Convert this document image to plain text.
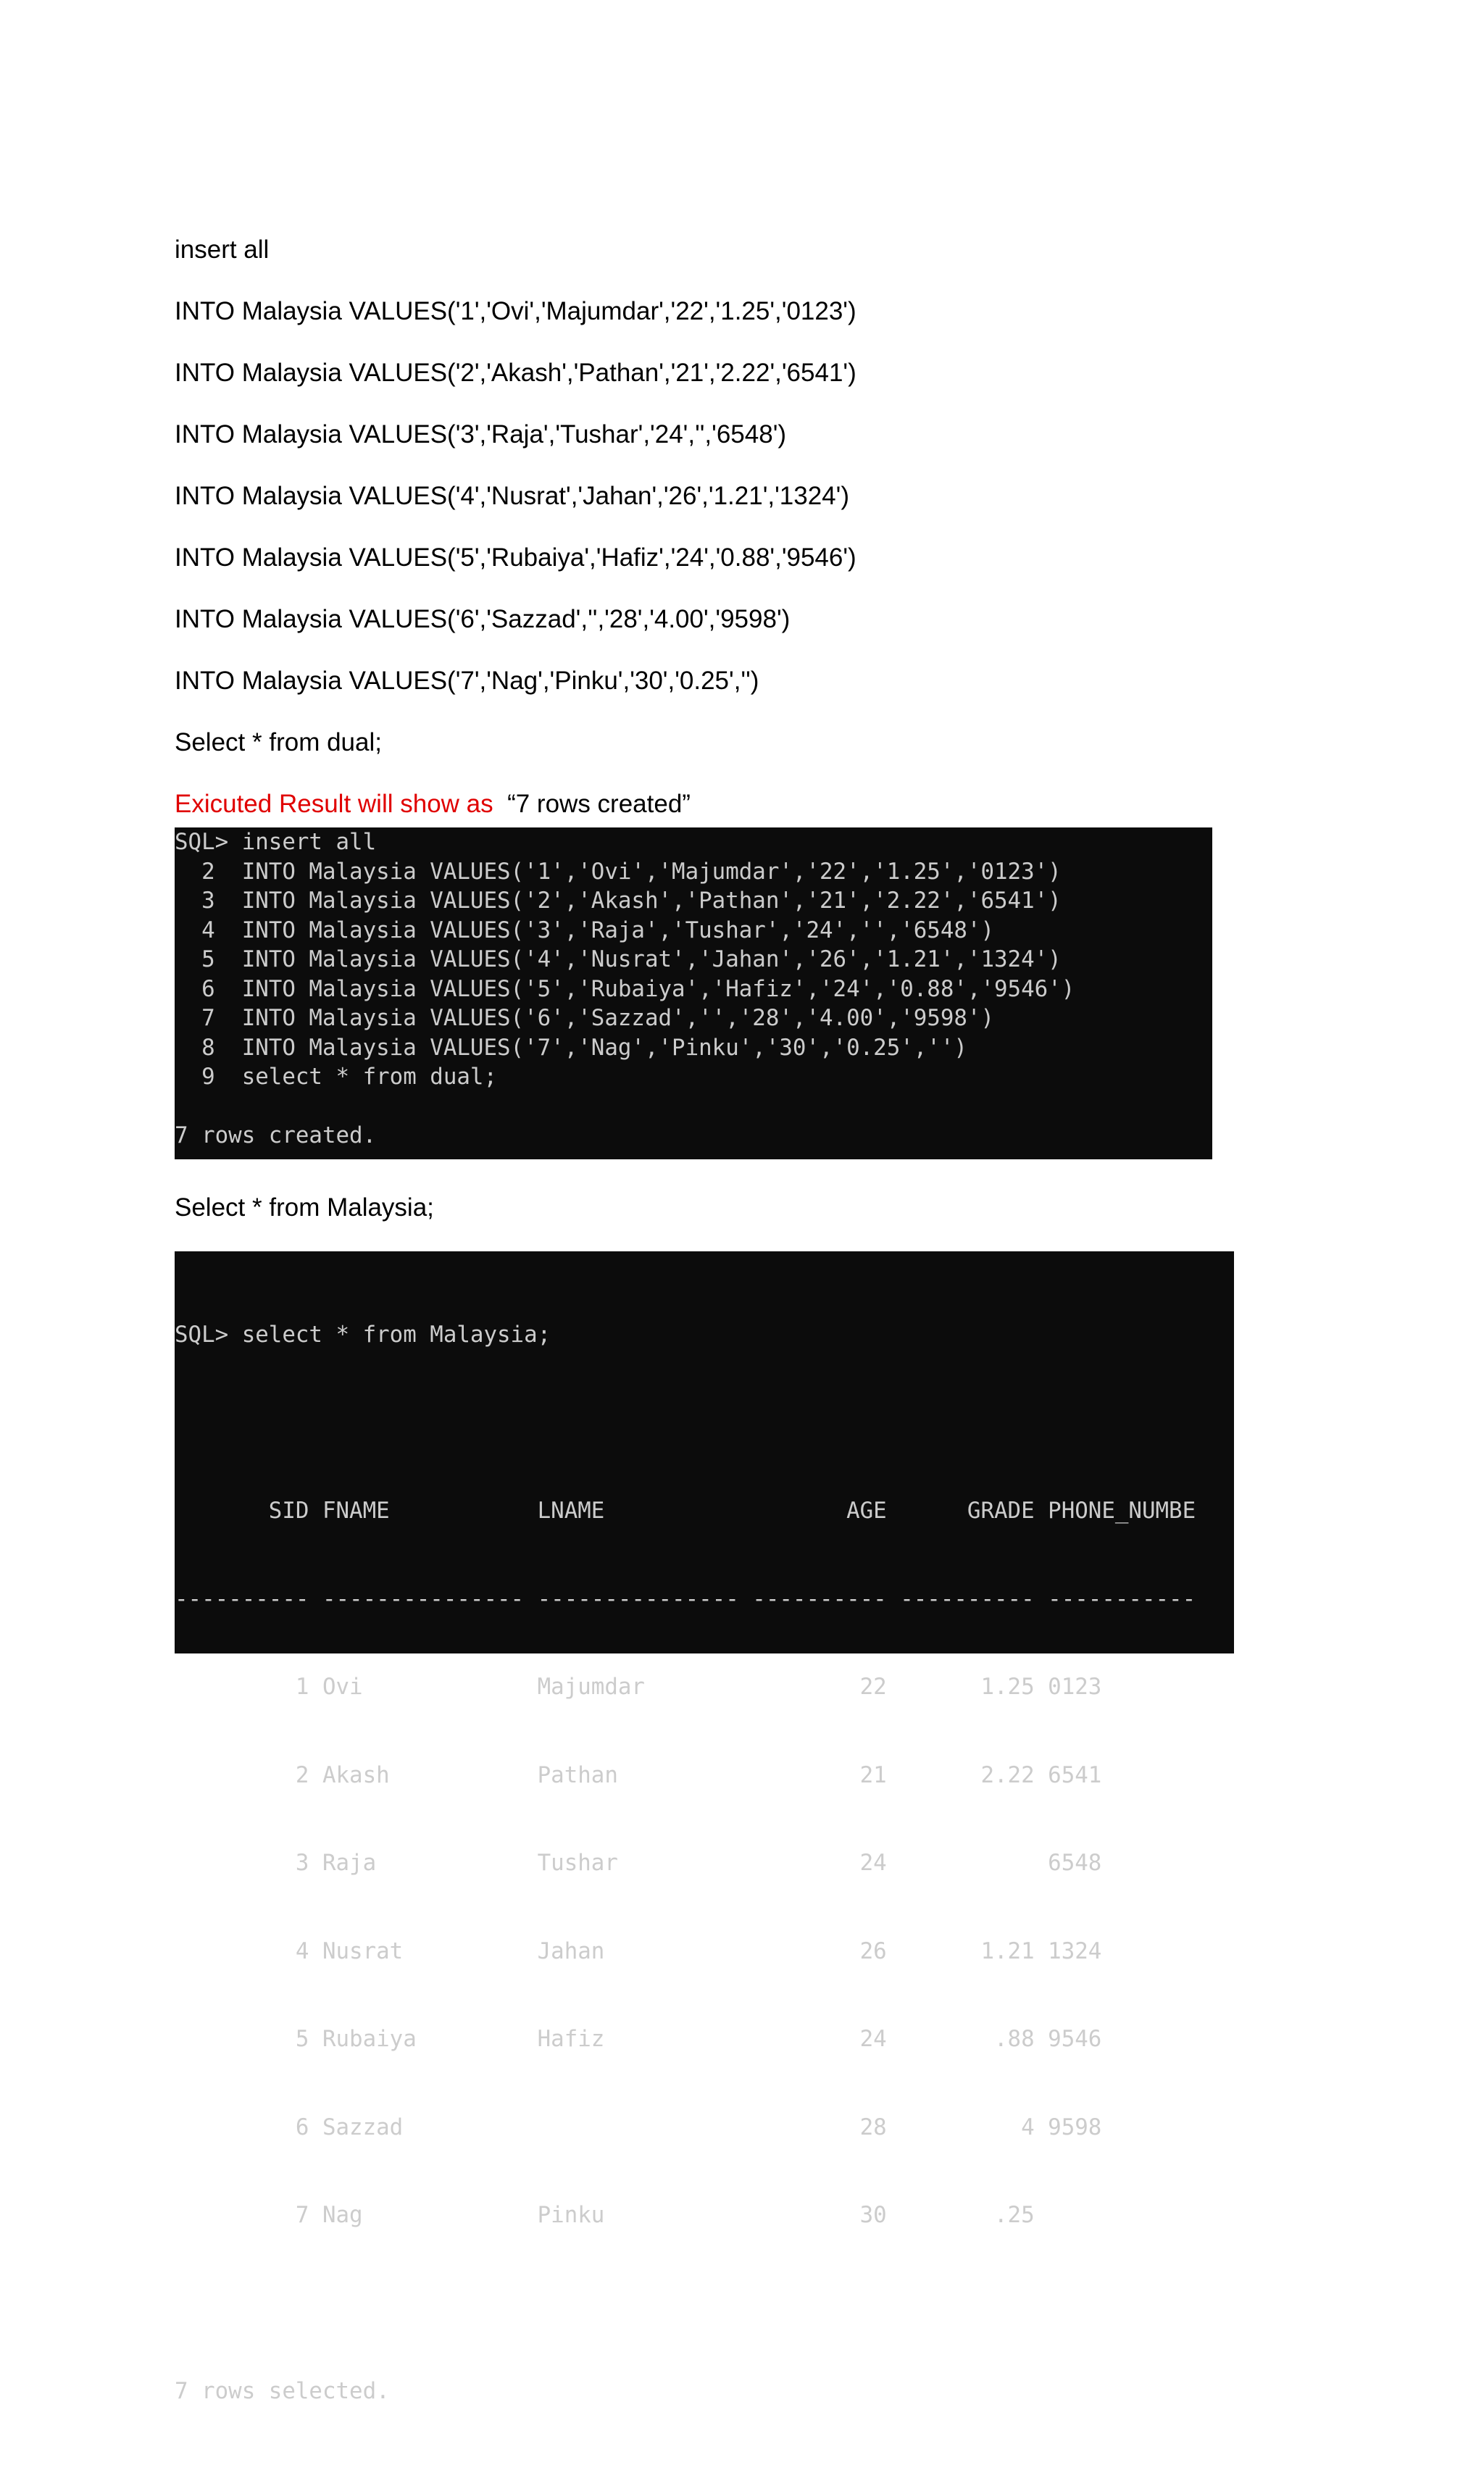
insert all

INTO Malaysia VALUES('1','Ovi','Majumdar','22','1.25','0123')

INTO Malaysia VALUES('2','Akash','Pathan','21','2.22','6541')

INTO Malaysia VALUES('3','Raja','Tushar','24','','6548')

INTO Malaysia VALUES('4','Nusrat','Jahan','26','1.21','1324')

INTO Malaysia VALUES('5','Rubaiya','Hafiz','24','0.88','9546')

INTO Malaysia VALUES('6','Sazzad','','28','4.00','9598')

INTO Malaysia VALUES('7','Nag','Pinku','30','0.25','')

Select * from dual;

Exicuted Result will show as  “7 rows created”

SQL> insert all
2  INTO Malaysia VALUES('1','Ovi','Majumdar','22','1.25','0123')
3  INTO Malaysia VALUES('2','Akash','Pathan','21','2.22','6541')
4  INTO Malaysia VALUES('3','Raja','Tushar','24','','6548')
5  INTO Malaysia VALUES('4','Nusrat','Jahan','26','1.21','1324')
6  INTO Malaysia VALUES('5','Rubaiya','Hafiz','24','0.88','9546')
7  INTO Malaysia VALUES('6','Sazzad','','28','4.00','9598')
8  INTO Malaysia VALUES('7','Nag','Pinku','30','0.25','')
9  select * from dual;
7 rows created.

Select * from Malaysia;

SQL> select * from Malaysia;

SID FNAME           LNAME                  AGE      GRADE PHONE_NUMBE

---------- --------------- --------------- ---------- ---------- -----------

1 Ovi             Majumdar                22       1.25 0123

2 Akash           Pathan                  21       2.22 6541

3 Raja            Tushar                  24            6548

4 Nusrat          Jahan                   26       1.21 1324

5 Rubaiya         Hafiz                   24        .88 9546

6 Sazzad                                  28          4 9598

7 Nag             Pinku                   30        .25

7 rows selected.
